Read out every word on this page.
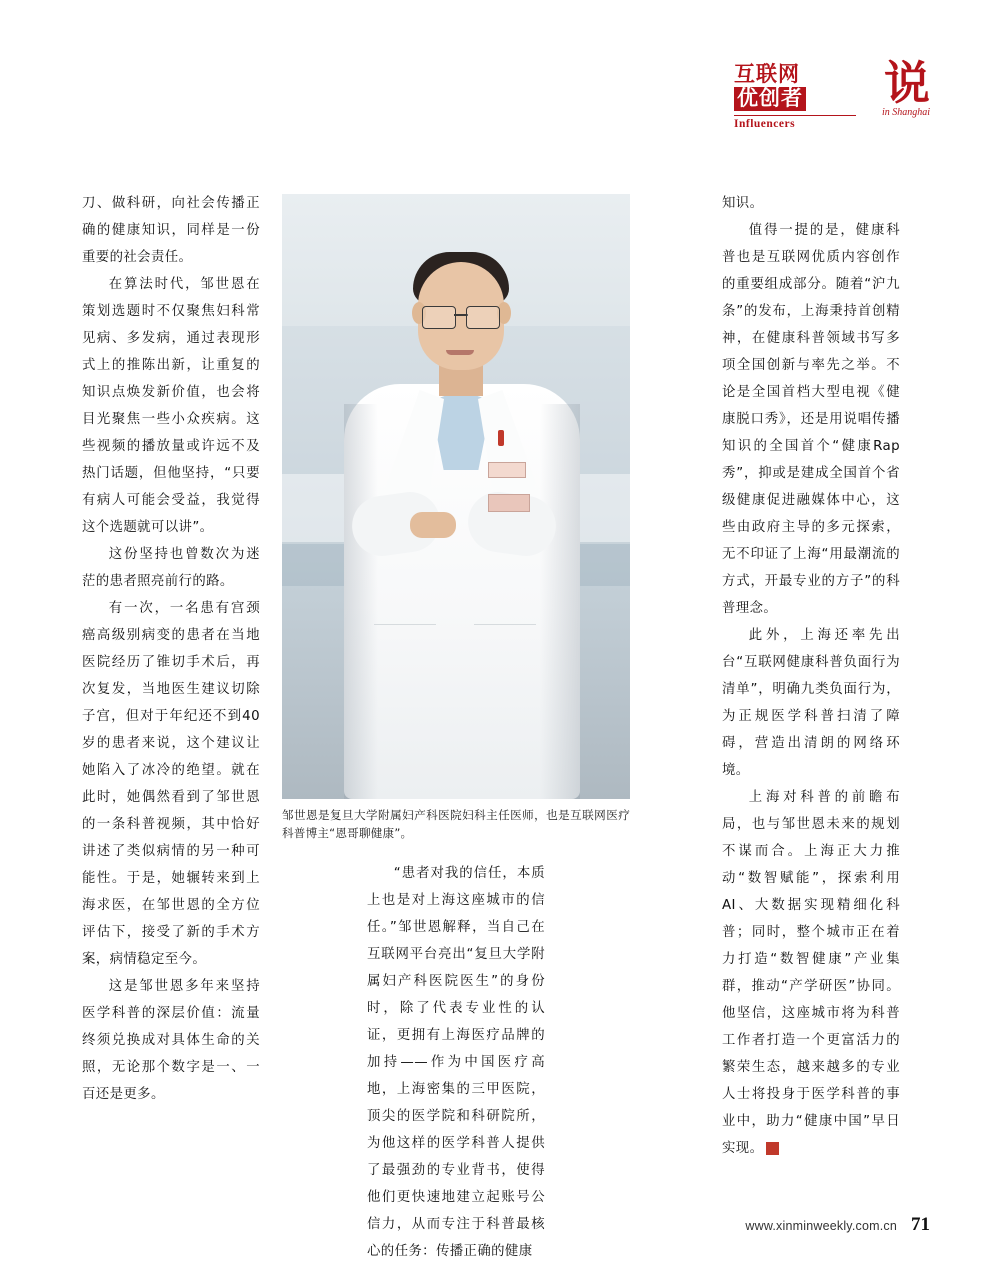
互联网
优创者
Influencers
说
in Shanghai

刀、做科研，向社会传播正确的健康知识，同样是一份重要的社会责任。

在算法时代，邹世恩在策划选题时不仅聚焦妇科常见病、多发病，通过表现形式上的推陈出新，让重复的知识点焕发新价值，也会将目光聚焦一些小众疾病。这些视频的播放量或许远不及热门话题，但他坚持，“只要有病人可能会受益，我觉得这个选题就可以讲”。

这份坚持也曾数次为迷茫的患者照亮前行的路。

有一次，一名患有宫颈癌高级别病变的患者在当地医院经历了锥切手术后，再次复发，当地医生建议切除子宫，但对于年纪还不到40岁的患者来说，这个建议让她陷入了冰冷的绝望。就在此时，她偶然看到了邹世恩的一条科普视频，其中恰好讲述了类似病情的另一种可能性。于是，她辗转来到上海求医，在邹世恩的全方位评估下，接受了新的手术方案，病情稳定至今。

这是邹世恩多年来坚持医学科普的深层价值：流量终须兑换成对具体生命的关照，无论那个数字是一、一百还是更多。

邹世恩是复旦大学附属妇产科医院妇科主任医师，也是互联网医疗科普博主“恩哥聊健康”。

“患者对我的信任，本质上也是对上海这座城市的信任。”邹世恩解释，当自己在互联网平台亮出“复旦大学附属妇产科医院医生”的身份时，除了代表专业性的认证，更拥有上海医疗品牌的加持——作为中国医疗高地，上海密集的三甲医院，顶尖的医学院和科研院所，为他这样的医学科普人提供了最强劲的专业背书，使得他们更快速地建立起账号公信力，从而专注于科普最核心的任务：传播正确的健康

知识。

值得一提的是，健康科普也是互联网优质内容创作的重要组成部分。随着“沪九条”的发布，上海秉持首创精神，在健康科普领域书写多项全国创新与率先之举。不论是全国首档大型电视《健康脱口秀》，还是用说唱传播知识的全国首个“健康Rap 秀”，抑或是建成全国首个省级健康促进融媒体中心，这些由政府主导的多元探索，无不印证了上海“用最潮流的方式，开最专业的方子”的科普理念。

此外，上海还率先出台“互联网健康科普负面行为清单”，明确九类负面行为，为正规医学科普扫清了障碍，营造出清朗的网络环境。

上海对科普的前瞻布局，也与邹世恩未来的规划不谋而合。上海正大力推动“数智赋能”，探索利用AI、大数据实现精细化科普；同时，整个城市正在着力打造“数智健康”产业集群，推动“产学研医”协同。他坚信，这座城市将为科普工作者打造一个更富活力的繁荣生态，越来越多的专业人士将投身于医学科普的事业中，助力“健康中国”早日实现。	■

www.xinminweekly.com.cn 71
